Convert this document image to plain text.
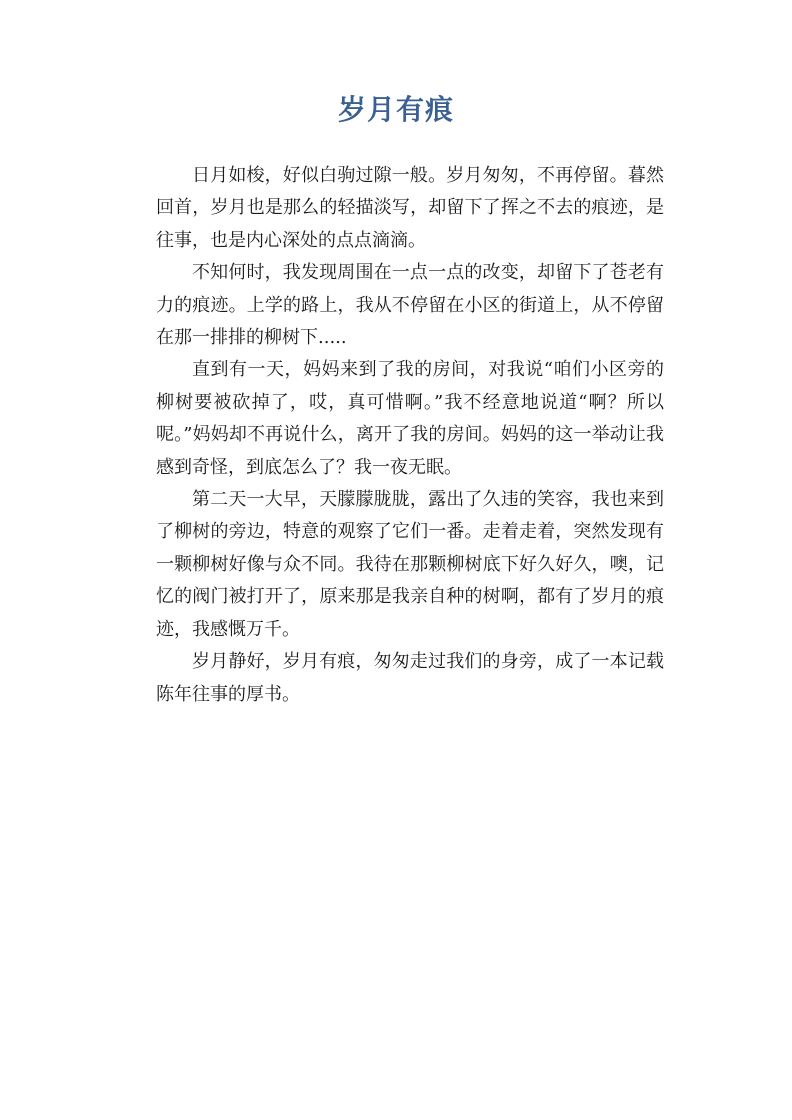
岁月有痕

日月如梭，好似白驹过隙一般。岁月匆匆，不再停留。暮然回首，岁月也是那么的轻描淡写，却留下了挥之不去的痕迹，是往事，也是内心深处的点点滴滴。

不知何时，我发现周围在一点一点的改变，却留下了苍老有力的痕迹。上学的路上，我从不停留在小区的街道上，从不停留在那一排排的柳树下.....

直到有一天，妈妈来到了我的房间，对我说“咱们小区旁的柳树要被砍掉了，哎，真可惜啊。”我不经意地说道“啊？所以呢。”妈妈却不再说什么，离开了我的房间。妈妈的这一举动让我感到奇怪，到底怎么了？我一夜无眠。

第二天一大早，天朦朦胧胧，露出了久违的笑容，我也来到了柳树的旁边，特意的观察了它们一番。走着走着，突然发现有一颗柳树好像与众不同。我待在那颗柳树底下好久好久，噢，记忆的阀门被打开了，原来那是我亲自种的树啊，都有了岁月的痕迹，我感慨万千。

岁月静好，岁月有痕，匆匆走过我们的身旁，成了一本记载陈年往事的厚书。
